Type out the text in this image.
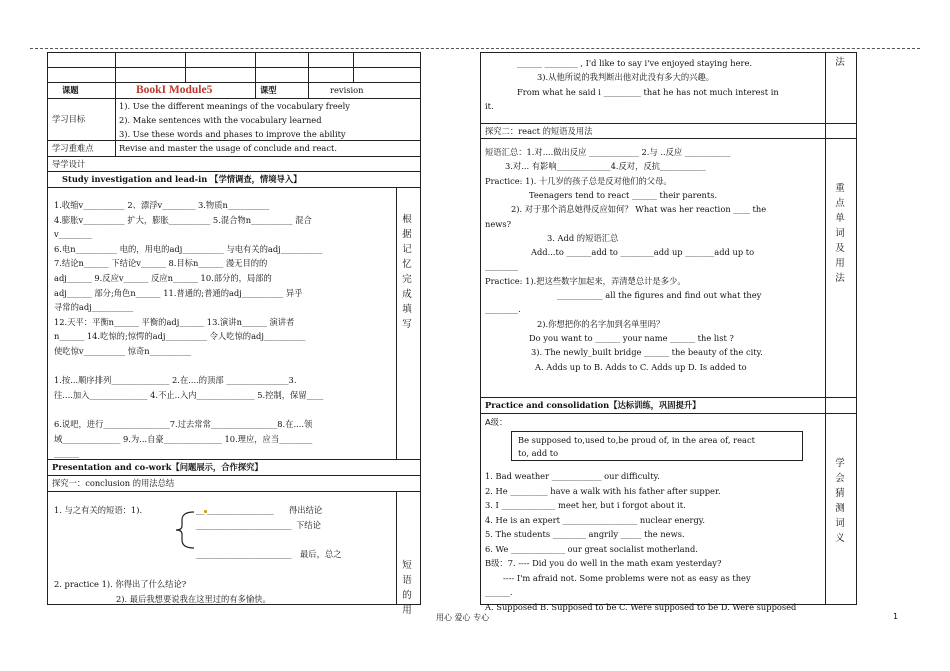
课题	BookI Module5	课型	revision
学习目标
1). Use the different meanings of the vocabulary freely
2). Make sentences with the vocabulary learned
3). Use these words and phases to improve the ability
学习重难点	Revise and master the usage of conclude and react.
导学设计
Study investigation and lead-in 【学情调查，情境导入】
1.收缩v__________ 2、漂浮v________ 3.物质n__________
4.膨胀v__________ 扩大，膨胀__________ 5.混合物n__________ 混合
v________
6.电n__________ 电的，用电的adj__________ 与电有关的adj__________
7.结论n______ 下结论v______ 8.目标n______ 漫无目的的
adj______ 9.反应v______ 反应n______ 10.部分的，局部的
adj______ 部分;角色n______ 11.普通的;普通的adj__________ 异乎
寻常的adj__________
12.天平：平衡n______ 平衡的adj______ 13.演讲n______ 演讲者
n______ 14.吃惊的;惊愕的adj__________ 令人吃惊的adj__________
使吃惊v__________ 惊奇n__________
1.按...顺序排列______________ 2.在....的顶部 _______________3.
往....加入______________ 4.不止..入内______________ 5.控制，保留____
6.说吧，进行________________7.过去常常________________8.在....领
域______________ 9.为...自豪______________ 10.理应，应当________
______
根
据
记
忆
完
成
填
写
Presentation and co-work【问题展示，合作探究】
探究一：conclusion 的用法总结
1. 与之有关的短语：1).	__ ________________ 得出结论
_______________________ 下结论
_______________________ 最后，总之
2. practice 1). 你得出了什么结论?
2). 最后我想要说我在这里过的有多愉快。
短
语
的
用
______ ________ , I'd like to say i've enjoyed staying here.
3).从他所说的我判断出他对此没有多大的兴趣。
From what he said i _________ that he has not much interest in
it.
法
探究二：react 的短语及用法
短语汇总：1.对....做出反应 ____________ 2.与 ..反应 ___________
3.对... 有影响_____________4.反对，反抗___________
Practice: 1). 十几岁的孩子总是反对他们的父母。
Teenagers tend to react ______ their parents.
2). 对于那个消息她得反应如何？ What was her reaction ____ the
news?
3. Add 的短语汇总
Add...to ______add to ________add up _______add up to
________
Practice: 1).把这些数字加起来，弄清楚总计是多少。
___________ all the figures and find out what they
________.
2).你想把你的名字加到名单里吗？
Do you want to ______ your name ______ the list ?
3). The newly_built bridge ______ the beauty of the city.
A. Adds up to B. Adds to C. Adds up D. Is added to
重
点
单
词
及
用
法
Practice and consolidation【达标训练，巩固提升】
A级：
Be supposed to,used to,be proud of, in the area of, react
to, add to
1. Bad weather ____________ our difficulty.
2. He _________ have a walk with his father after supper.
3. I _____________ meet her, but i forgot about it.
4. He is an expert __________________ nuclear energy.
5. The students ________ angrily _____ the news.
6. We _____________ our great socialist motherland.
B级：7. ---- Did you do well in the math exam yesterday?
---- I'm afraid not. Some problems were not as easy as they
______.
A. Supposed B. Supposed to be C. Were supposed to be D. Were supposed
学
会
猜
测
词
义
用心 爱心 专心	1
